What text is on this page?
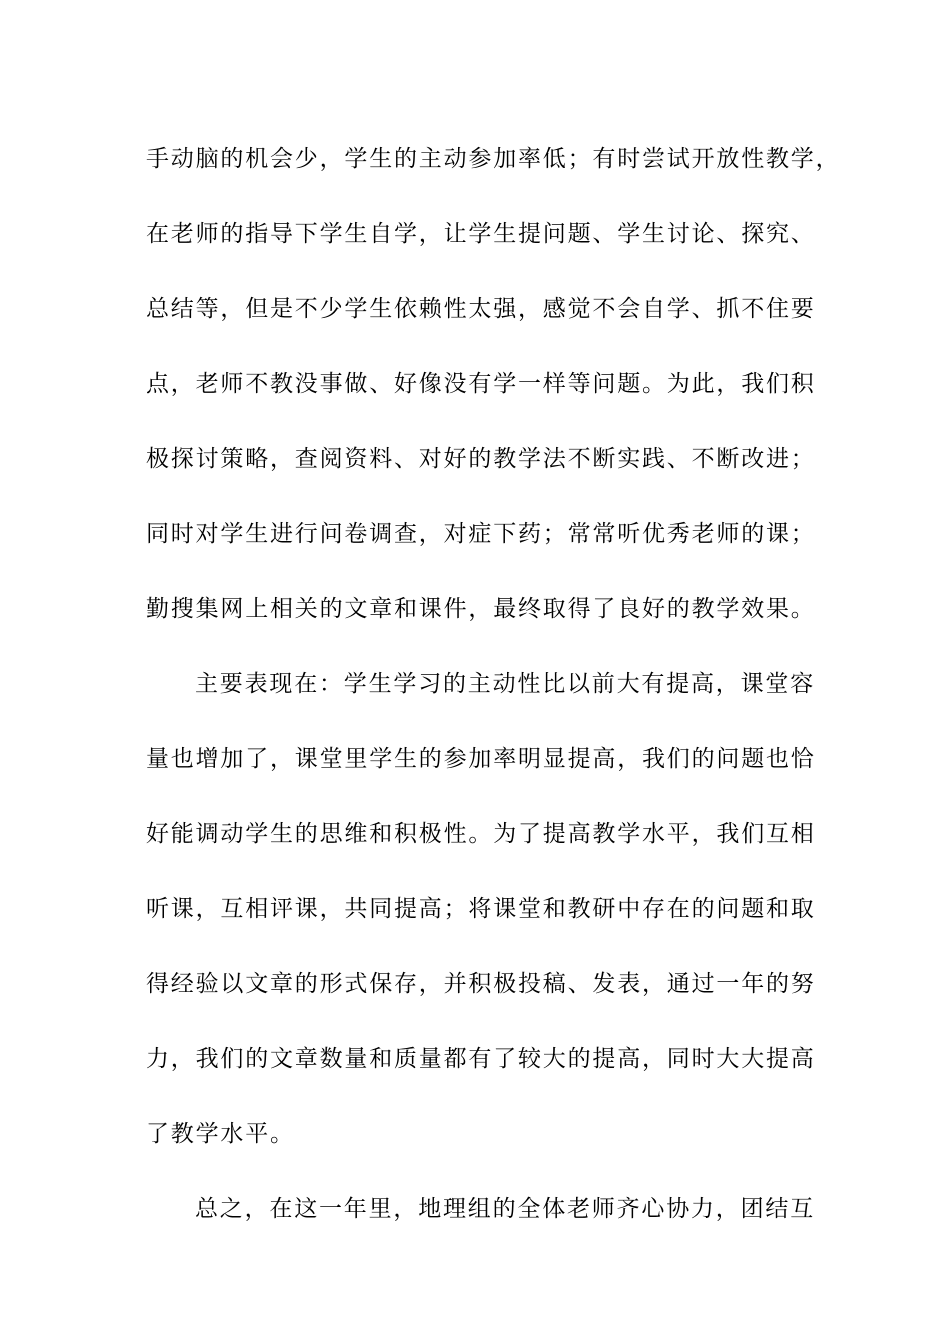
手动脑的机会少，学生的主动参加率低；有时尝试开放性教学，
在老师的指导下学生自学，让学生提问题、学生讨论、探究、
总结等，但是不少学生依赖性太强，感觉不会自学、抓不住要
点，老师不教没事做、好像没有学一样等问题。为此，我们积
极探讨策略，查阅资料、对好的教学法不断实践、不断改进；
同时对学生进行问卷调查，对症下药；常常听优秀老师的课；
勤搜集网上相关的文章和课件，最终取得了良好的教学效果。
主要表现在：学生学习的主动性比以前大有提高，课堂容
量也增加了，课堂里学生的参加率明显提高，我们的问题也恰
好能调动学生的思维和积极性。为了提高教学水平，我们互相
听课，互相评课，共同提高；将课堂和教研中存在的问题和取
得经验以文章的形式保存，并积极投稿、发表，通过一年的努
力，我们的文章数量和质量都有了较大的提高，同时大大提高
了教学水平。
总之，在这一年里，地理组的全体老师齐心协力，团结互
